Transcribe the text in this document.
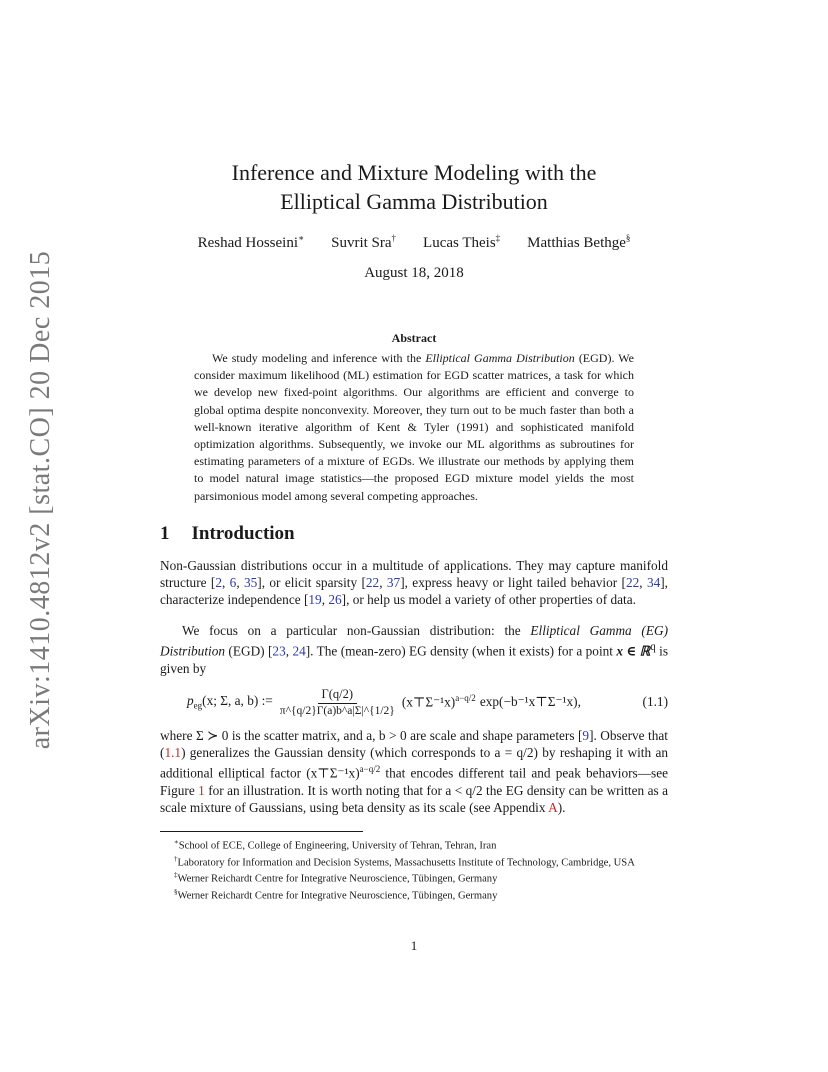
arXiv:1410.4812v2 [stat.CO] 20 Dec 2015
Inference and Mixture Modeling with the
Elliptical Gamma Distribution
Reshad Hosseini∗ Suvrit Sra† Lucas Theis‡ Matthias Bethge§
August 18, 2018
Abstract

We study modeling and inference with the Elliptical Gamma Distribution (EGD). We consider maximum likelihood (ML) estimation for EGD scatter matrices, a task for which we develop new fixed-point algorithms. Our algorithms are efficient and converge to global optima despite nonconvexity. Moreover, they turn out to be much faster than both a well-known iterative algorithm of Kent & Tyler (1991) and sophisticated manifold optimization algorithms. Subsequently, we invoke our ML algorithms as subroutines for estimating parameters of a mixture of EGDs. We illustrate our methods by applying them to model natural image statistics—the proposed EGD mixture model yields the most parsimonious model among several competing approaches.

1 Introduction

Non-Gaussian distributions occur in a multitude of applications. They may capture manifold structure [2, 6, 35], or elicit sparsity [22, 37], express heavy or light tailed behavior [22, 34], characterize independence [19, 26], or help us model a variety of other properties of data.

We focus on a particular non-Gaussian distribution: the Elliptical Gamma (EG) Distribution (EGD) [23, 24]. The (mean-zero) EG density (when it exists) for a point x ∈ ℝ$^q$ is given by

$p_{eg}(x$; Σ, a, b) := $\frac{\Gamma(q/2)}{\pi\^{}\{q/2\}\Gamma(a)b\^{}a|\Sigma|\^{}\{1/2\}}$ (x⊤Σ⁻¹x)$^{a-q/2}$ exp(−b⁻¹x⊤Σ⁻¹x),	(1.1)

where Σ ≻ 0 is the scatter matrix, and a, b > 0 are scale and shape parameters [9]. Observe that (1.1) generalizes the Gaussian density (which corresponds to a = q/2) by reshaping it with an additional elliptical factor (x⊤Σ⁻¹x)$^{a-q/2}$ that encodes different tail and peak behaviors—see Figure 1 for an illustration. It is worth noting that for a < q/2 the EG density can be written as a scale mixture of Gaussians, using beta density as its scale (see Appendix A).

∗School of ECE, College of Engineering, University of Tehran, Tehran, Iran

†Laboratory for Information and Decision Systems, Massachusetts Institute of Technology, Cambridge, USA

‡Werner Reichardt Centre for Integrative Neuroscience, Tübingen, Germany

§Werner Reichardt Centre for Integrative Neuroscience, Tübingen, Germany

1
